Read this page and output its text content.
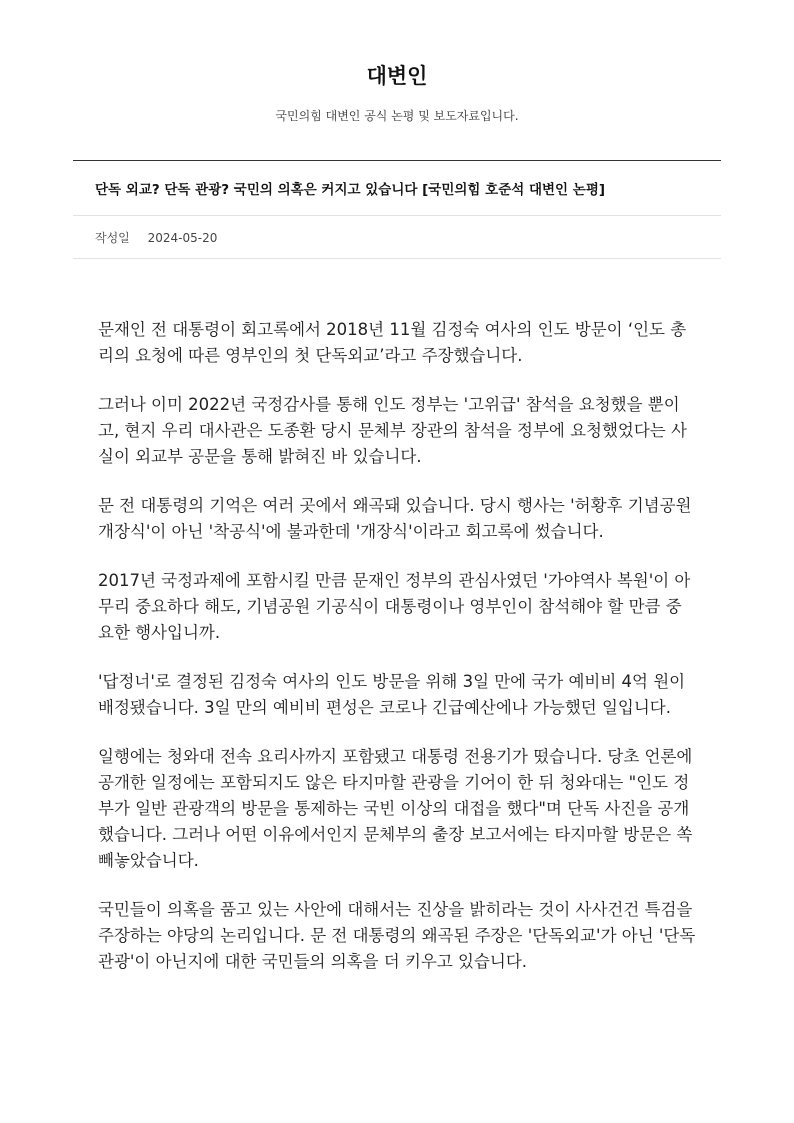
대변인

국민의힘 대변인 공식 논평 및 보도자료입니다.

단독 외교? 단독 관광? 국민의 의혹은 커지고 있습니다 [국민의힘 호준석 대변인 논평]
작성일 2024-05-20

문재인 전 대통령이 회고록에서 2018년 11월 김정숙 여사의 인도 방문이 ‘인도 총리의 요청에 따른 영부인의 첫 단독외교’라고 주장했습니다.

그러나 이미 2022년 국정감사를 통해 인도 정부는 '고위급' 참석을 요청했을 뿐이고, 현지 우리 대사관은 도종환 당시 문체부 장관의 참석을 정부에 요청했었다는 사실이 외교부 공문을 통해 밝혀진 바 있습니다.

문 전 대통령의 기억은 여러 곳에서 왜곡돼 있습니다. 당시 행사는 '허황후 기념공원 개장식'이 아닌 '착공식'에 불과한데 '개장식'이라고 회고록에 썼습니다.

2017년 국정과제에 포함시킬 만큼 문재인 정부의 관심사였던 '가야역사 복원'이 아무리 중요하다 해도, 기념공원 기공식이 대통령이나 영부인이 참석해야 할 만큼 중요한 행사입니까.

'답정너'로 결정된 김정숙 여사의 인도 방문을 위해 3일 만에 국가 예비비 4억 원이 배정됐습니다. 3일 만의 예비비 편성은 코로나 긴급예산에나 가능했던 일입니다.

일행에는 청와대 전속 요리사까지 포함됐고 대통령 전용기가 떴습니다. 당초 언론에 공개한 일정에는 포함되지도 않은 타지마할 관광을 기어이 한 뒤 청와대는 "인도 정부가 일반 관광객의 방문을 통제하는 국빈 이상의 대접을 했다"며 단독 사진을 공개했습니다. 그러나 어떤 이유에서인지 문체부의 출장 보고서에는 타지마할 방문은 쏙 빼놓았습니다.

국민들이 의혹을 품고 있는 사안에 대해서는 진상을 밝히라는 것이 사사건건 특검을 주장하는 야당의 논리입니다. 문 전 대통령의 왜곡된 주장은 '단독외교'가 아닌 '단독관광'이 아닌지에 대한 국민들의 의혹을 더 키우고 있습니다.
